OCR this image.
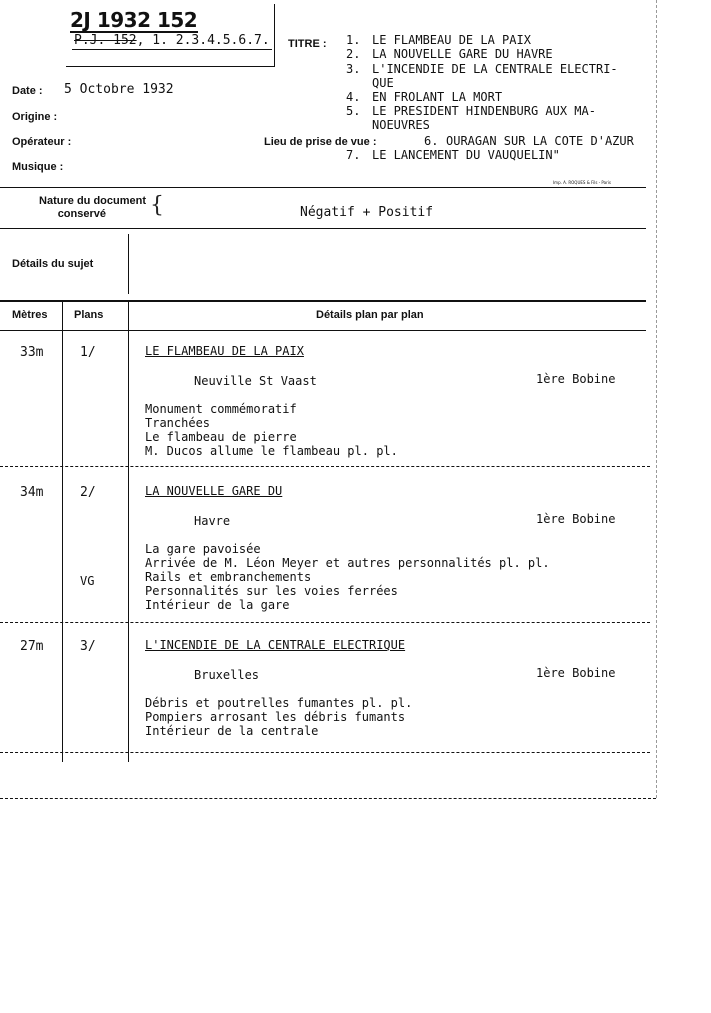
2J 1932 152
P.J. 152, 1. 2.3.4.5.6.7. TITRE : 1. LE FLAMBEAU DE LA PAIX
2. LA NOUVELLE GARE DU HAVRE
3. L'INCENDIE DE LA CENTRALE ELECTRI-
QUE
4. EN FROLANT LA MORT
5. LE PRESIDENT HINDENBURG AUX MA-
NOEUVRES
6. OURAGAN SUR LA COTE D'AZUR
7. LE LANCEMENT DU VAUQUELIN"
Date : 5 Octobre 1932
Origine :
Opérateur :
Musique :
Lieu de prise de vue :
Imp. A. ROQUES & Fils - Paris
Nature du document
conservé	{	Négatif + Positif
Détails du sujet
Mètres Plans	Détails plan par plan
33m	1/	LE FLAMBEAU DE LA PAIX
Neuville St Vaast	1ère Bobine
Monument commémoratif
Tranchées
Le flambeau de pierre
M. Ducos allume le flambeau pl. pl.
34m	2/	LA NOUVELLE GARE DU
Havre	1ère Bobine
VG
La gare pavoisée
Arrivée de M. Léon Meyer et autres personnalités pl. pl.
Rails et embranchements
Personnalités sur les voies ferrées
Intérieur de la gare
27m	3/	L'INCENDIE DE LA CENTRALE ELECTRIQUE
Bruxelles	1ère Bobine
Débris et poutrelles fumantes pl. pl.
Pompiers arrosant les débris fumants
Intérieur de la centrale
